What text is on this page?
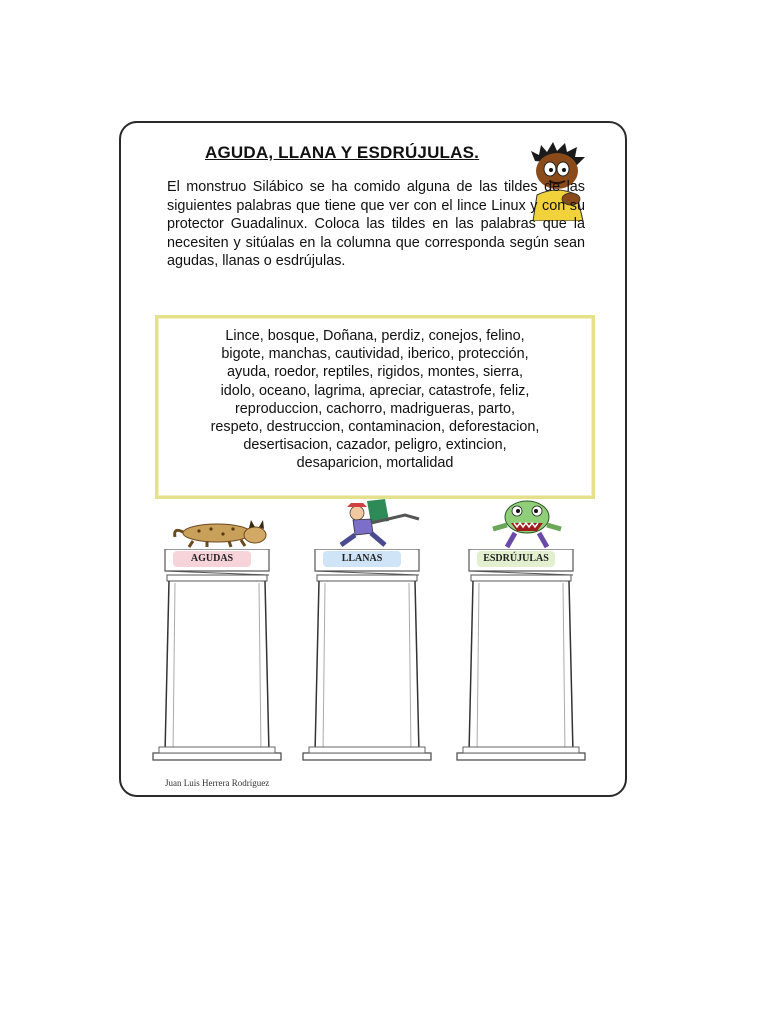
AGUDA, LLANA Y ESDRÚJULAS.

El monstruo Silábico se ha comido alguna de las tildes de las siguientes palabras que tiene que ver con el lince Linux y con su protector Guadalinux. Coloca las tildes en las palabras que la necesiten y sitúalas en la columna que corresponda según sean agudas, llanas o esdrújulas.

Lince, bosque, Doñana, perdiz, conejos, felino,
bigote, manchas, cautividad, iberico, protección,
ayuda, roedor, reptiles, rigidos, montes, sierra,
idolo, oceano, lagrima, apreciar, catastrofe, feliz,
reproduccion, cachorro, madrigueras, parto,
respeto, destruccion, contaminacion, deforestacion,
desertisacion, cazador, peligro, extincion,
desaparicion, mortalidad

AGUDAS	LLANAS	ESDRÚJULAS
Juan Luis Herrera Rodríguez
